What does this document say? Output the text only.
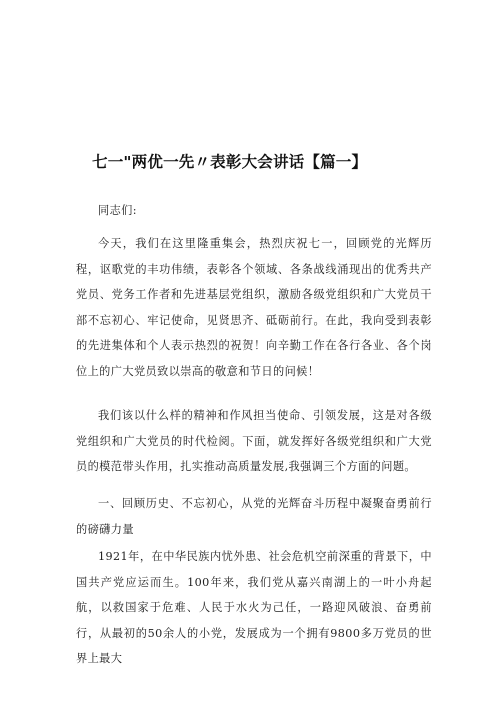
七一"两优一先〃表彰大会讲话【篇一】

同志们:

今天，我们在这里隆重集会，热烈庆祝七一，回顾党的光辉历程，讴歌党的丰功伟绩，表彰各个领域、各条战线涌现出的优秀共产党员、党务工作者和先进基层党组织，激励各级党组织和广大党员干部不忘初心、牢记使命，见贤思齐、砥砺前行。在此，我向受到表彰的先进集体和个人表示热烈的祝贺！向辛勤工作在各行各业、各个岗位上的广大党员致以崇高的敬意和节日的问候！

我们该以什么样的精神和作风担当使命、引领发展，这是对各级党组织和广大党员的时代检阅。下面，就发挥好各级党组织和广大党员的模范带头作用，扎实推动高质量发展,我强调三个方面的问题。

一、回顾历史、不忘初心，从党的光辉奋斗历程中凝聚奋勇前行的磅礴力量

1921年，在中华民族内忧外患、社会危机空前深重的背景下，中国共产党应运而生。100年来，我们党从嘉兴南湖上的一叶小舟起航，以救国家于危难、人民于水火为己任，一路迎风破浪、奋勇前行，从最初的50余人的小党，发展成为一个拥有9800多万党员的世界上最大
